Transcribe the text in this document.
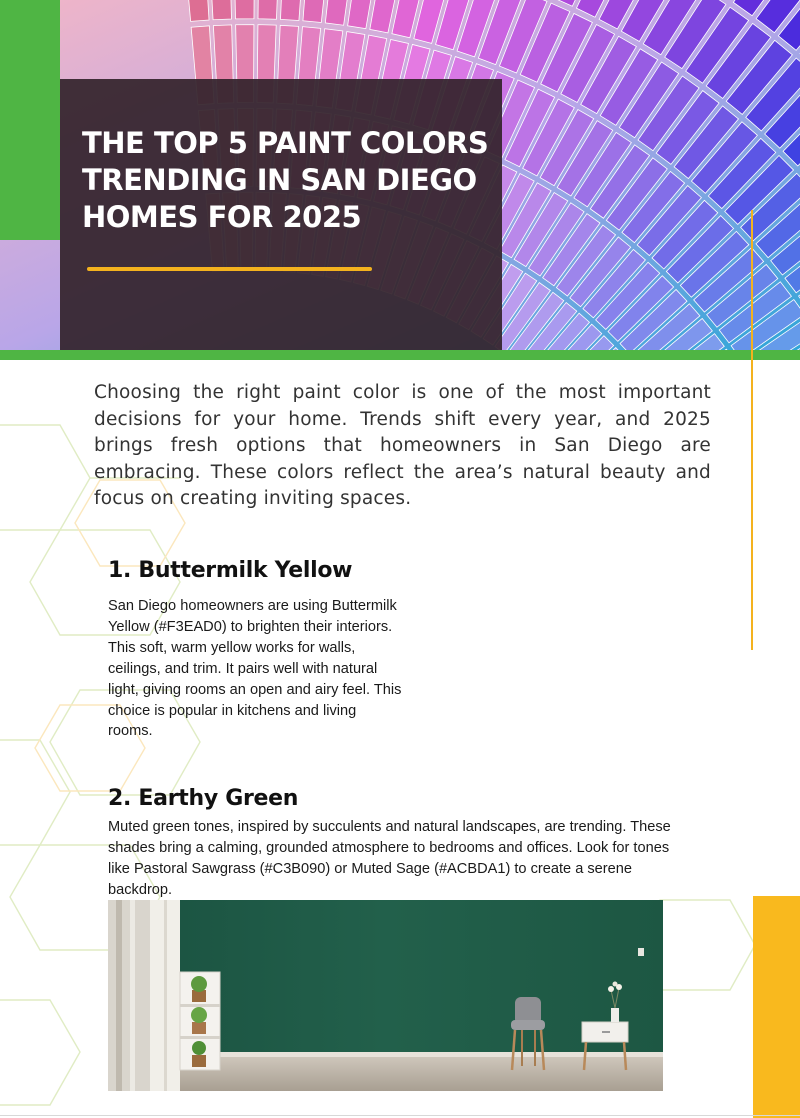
THE TOP 5 PAINT COLORS
TRENDING IN SAN DIEGO
HOMES FOR 2025

Choosing the right paint color is one of the most important decisions for your home. Trends shift every year, and 2025 brings fresh options that homeowners in San Diego are embracing. These colors reflect the area’s natural beauty and focus on creating inviting spaces.

1. Buttermilk Yellow

San Diego homeowners are using Buttermilk Yellow (#F3EAD0) to brighten their interiors. This soft, warm yellow works for walls, ceilings, and trim. It pairs well with natural light, giving rooms an open and airy feel. This choice is popular in kitchens and living rooms.

2. Earthy Green

Muted green tones, inspired by succulents and natural landscapes, are trending. These shades bring a calming, grounded atmosphere to bedrooms and offices. Look for tones like Pastoral Sawgrass (#C3B090) or Muted Sage (#ACBDA1) to create a serene backdrop.
